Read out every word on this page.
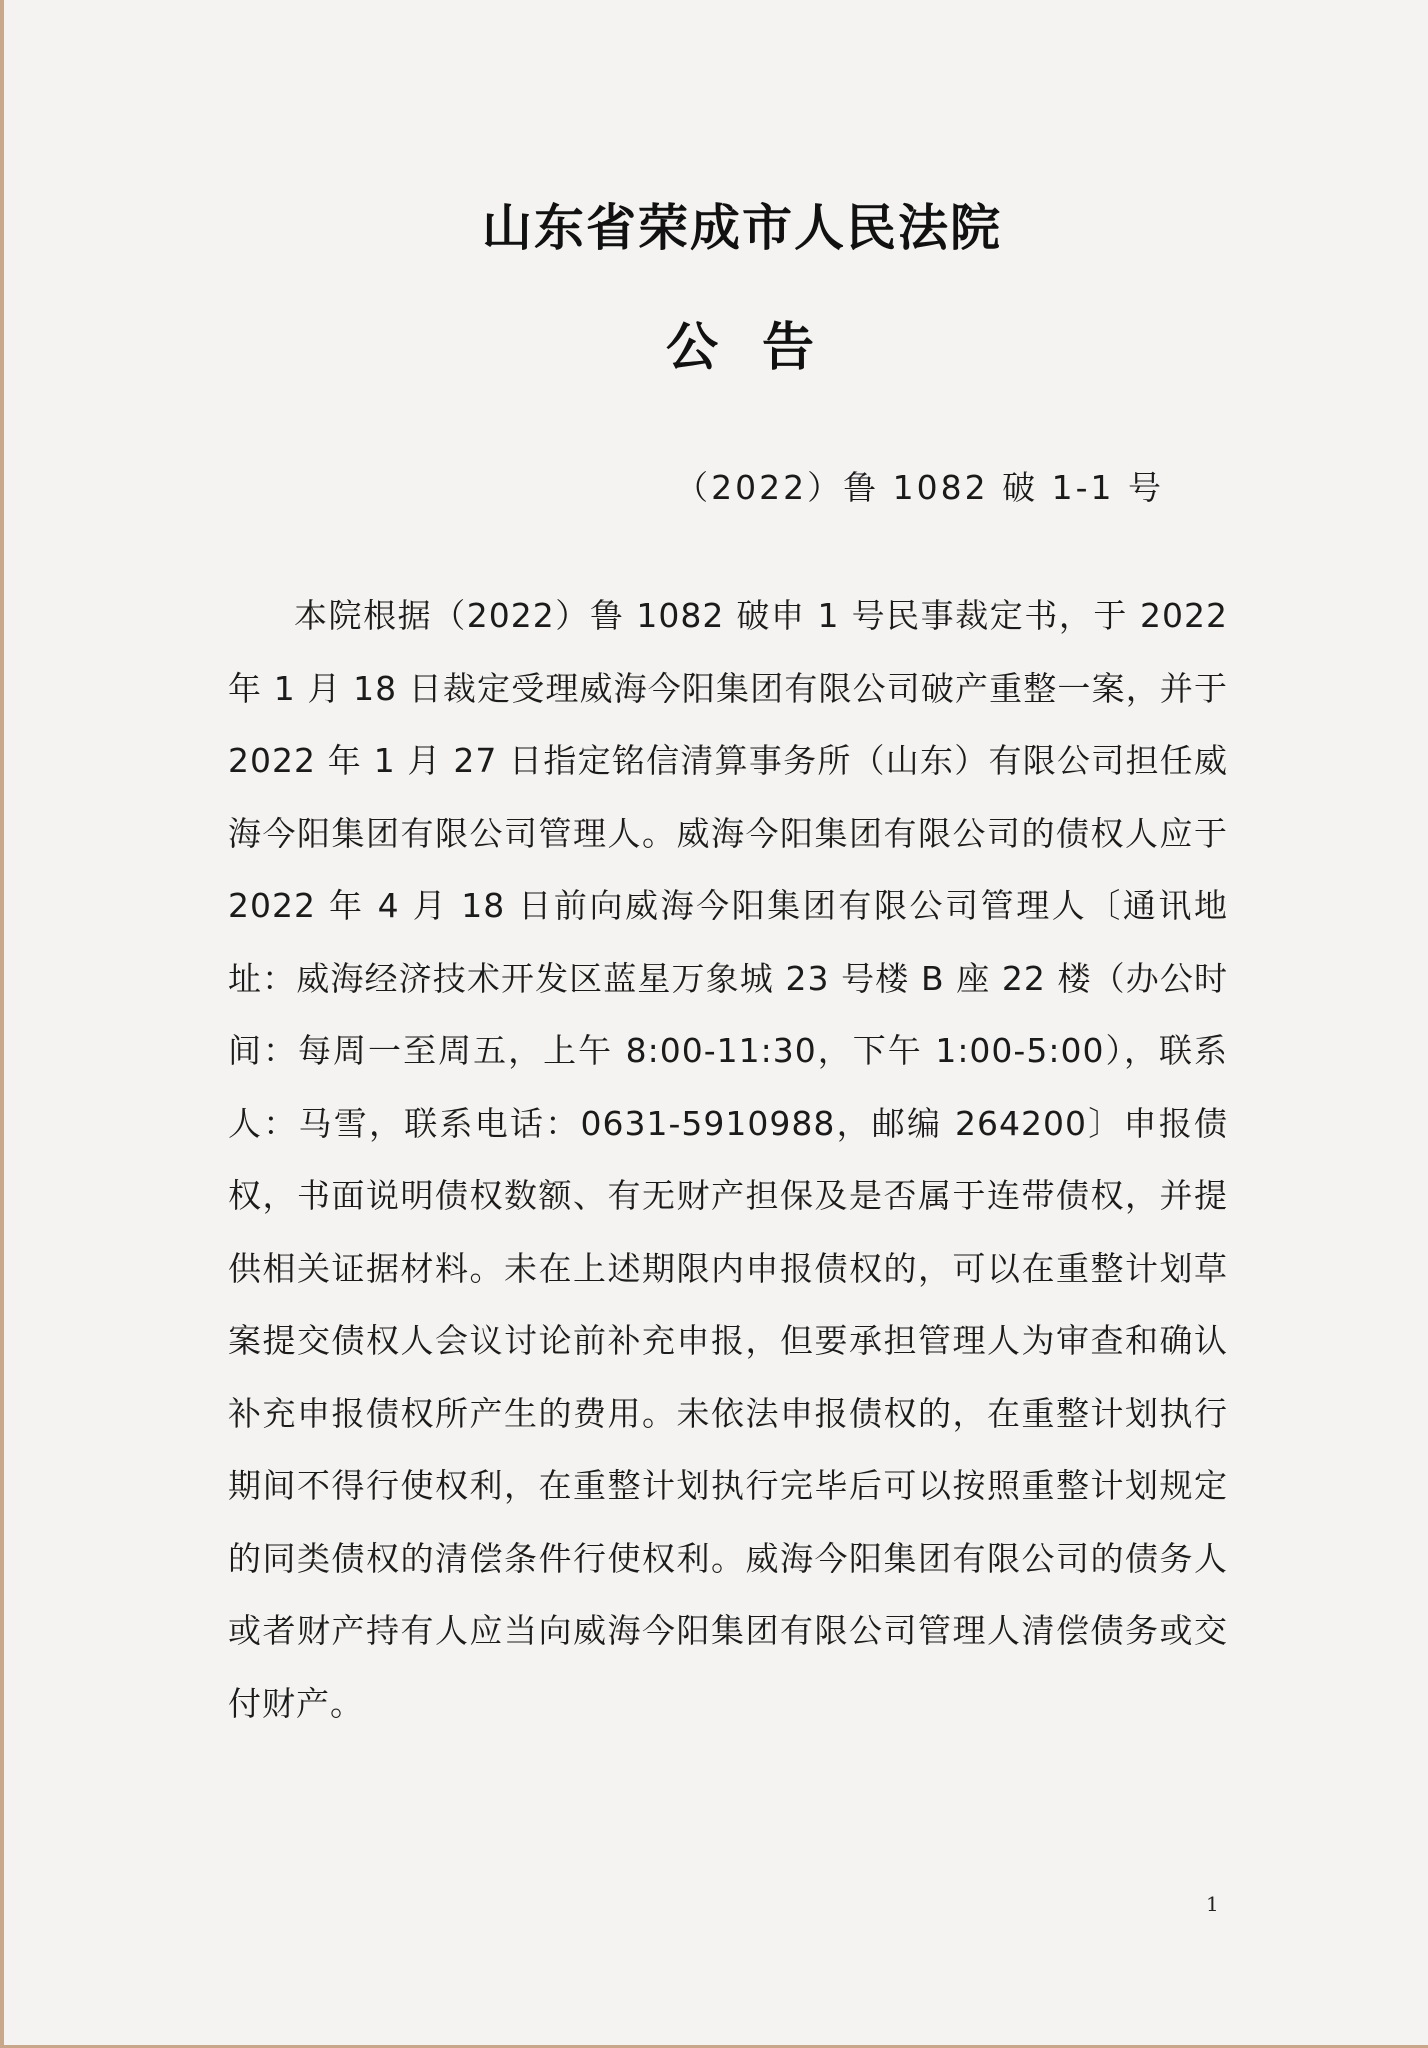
山东省荣成市人民法院
公告
（2022）鲁 1082 破 1-1 号

本院根据（2022）鲁 1082 破申 1 号民事裁定书，于 2022 年 1 月 18 日裁定受理威海今阳集团有限公司破产重整一案，并于 2022 年 1 月 27 日指定铭信清算事务所（山东）有限公司担任威海今阳集团有限公司管理人。威海今阳集团有限公司的债权人应于 2022 年 4 月 18 日前向威海今阳集团有限公司管理人〔通讯地址：威海经济技术开发区蓝星万象城 23 号楼 B 座 22 楼（办公时间：每周一至周五，上午 8:00-11:30，下午 1:00-5:00），联系人：马雪，联系电话：0631-5910988，邮编 264200〕申报债权，书面说明债权数额、有无财产担保及是否属于连带债权，并提供相关证据材料。未在上述期限内申报债权的，可以在重整计划草案提交债权人会议讨论前补充申报，但要承担管理人为审查和确认补充申报债权所产生的费用。未依法申报债权的，在重整计划执行期间不得行使权利，在重整计划执行完毕后可以按照重整计划规定的同类债权的清偿条件行使权利。威海今阳集团有限公司的债务人或者财产持有人应当向威海今阳集团有限公司管理人清偿债务或交付财产。

1
